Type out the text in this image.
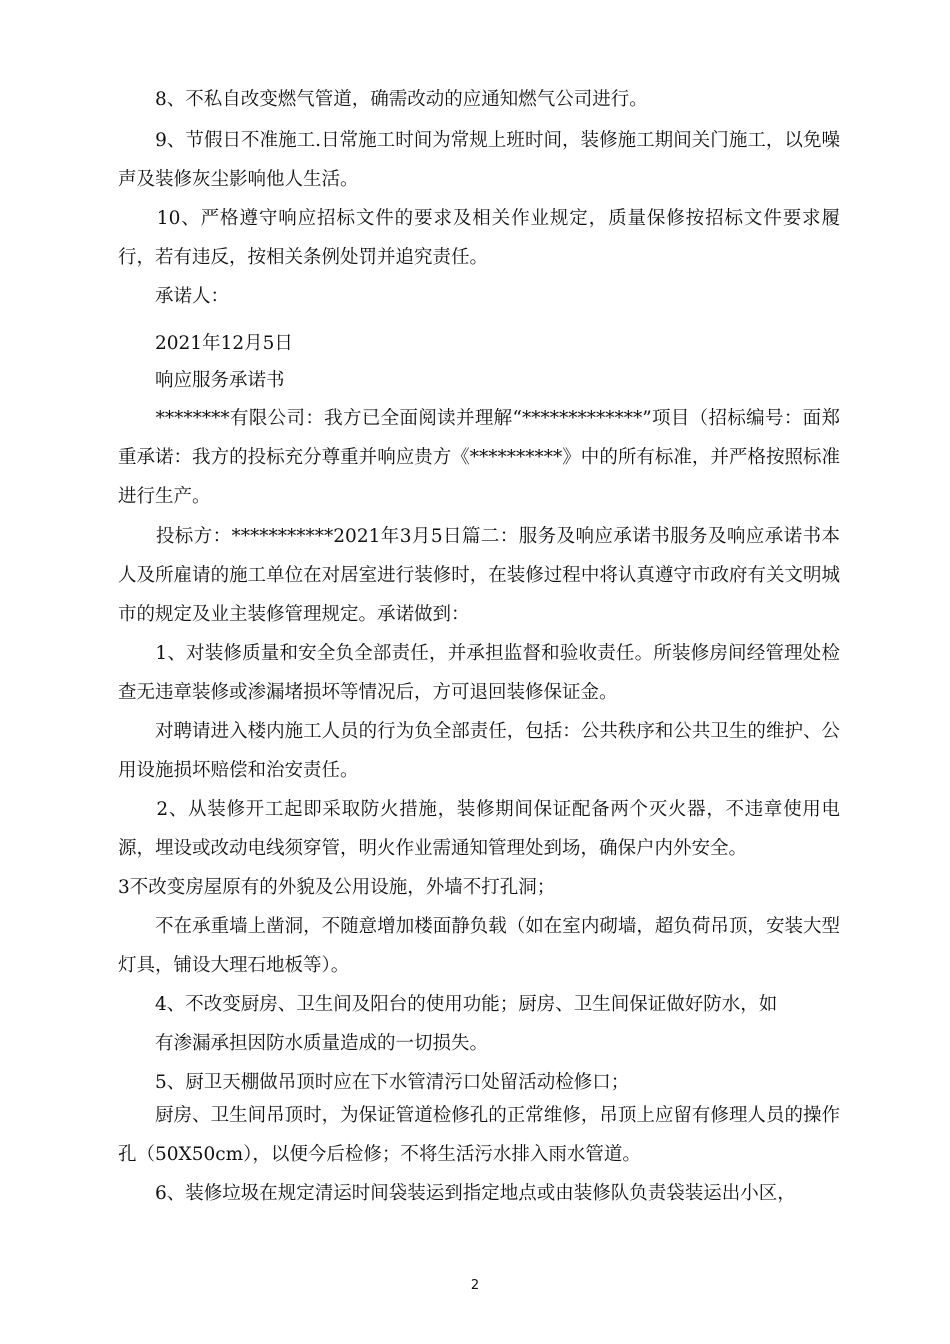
　　8、不私自改变燃气管道，确需改动的应通知燃气公司进行。

　　9、节假日不准施工.日常施工时间为常规上班时间，装修施工期间关门施工，以免噪声及装修灰尘影响他人生活。

　　10、严格遵守响应招标文件的要求及相关作业规定，质量保修按招标文件要求履行，若有违反，按相关条例处罚并追究责任。

　　承诺人：

　　2021年12月5日

　　响应服务承诺书

　　********有限公司：我方已全面阅读并理解“*************”项目（招标编号：面郑重承诺：我方的投标充分尊重并响应贵方《**********》中的所有标准，并严格按照标准进行生产。

　　投标方：***********2021年3月5日篇二：服务及响应承诺书服务及响应承诺书本人及所雇请的施工单位在对居室进行装修时，在装修过程中将认真遵守市政府有关文明城市的规定及业主装修管理规定。承诺做到：

　　1、对装修质量和安全负全部责任，并承担监督和验收责任。所装修房间经管理处检查无违章装修或渗漏堵损坏等情况后，方可退回装修保证金。

　　对聘请进入楼内施工人员的行为负全部责任，包括：公共秩序和公共卫生的维护、公用设施损坏赔偿和治安责任。

　　2、从装修开工起即采取防火措施，装修期间保证配备两个灭火器，不违章使用电源，埋设或改动电线须穿管，明火作业需通知管理处到场，确保户内外安全。

3不改变房屋原有的外貌及公用设施，外墙不打孔洞；

　　不在承重墙上凿洞，不随意增加楼面静负载（如在室内砌墙，超负荷吊顶，安装大型灯具，铺设大理石地板等）。

　　4、不改变厨房、卫生间及阳台的使用功能；厨房、卫生间保证做好防水，如

　　有渗漏承担因防水质量造成的一切损失。

　　5、厨卫天棚做吊顶时应在下水管清污口处留活动检修口；

　　厨房、卫生间吊顶时，为保证管道检修孔的正常维修，吊顶上应留有修理人员的操作孔（50X50cm），以便今后检修；不将生活污水排入雨水管道。

　　6、装修垃圾在规定清运时间袋装运到指定地点或由装修队负责袋装运出小区，

2
